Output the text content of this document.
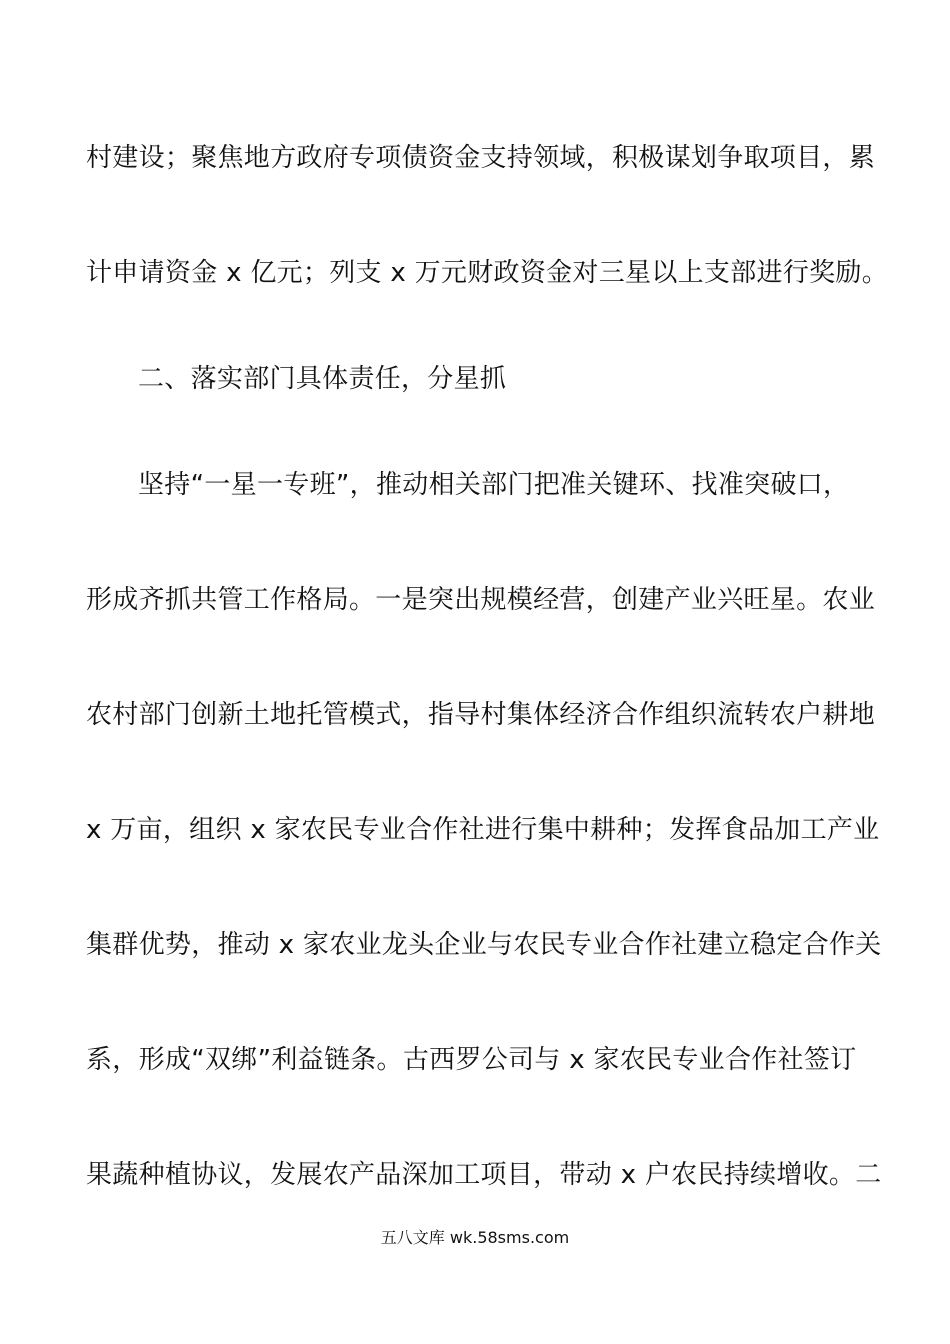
村建设；聚焦地方政府专项债资金支持领域，积极谋划争取项目，累
计申请资金 x 亿元；列支 x 万元财政资金对三星以上支部进行奖励。
二、落实部门具体责任，分星抓
坚持“一星一专班”，推动相关部门把准关键环、找准突破口，
形成齐抓共管工作格局。一是突出规模经营，创建产业兴旺星。农业
农村部门创新土地托管模式，指导村集体经济合作组织流转农户耕地
x 万亩，组织 x 家农民专业合作社进行集中耕种；发挥食品加工产业
集群优势，推动 x 家农业龙头企业与农民专业合作社建立稳定合作关
系，形成“双绑”利益链条。古西罗公司与 x 家农民专业合作社签订
果蔬种植协议，发展农产品深加工项目，带动 x 户农民持续增收。二
五八文库 wk.58sms.com
